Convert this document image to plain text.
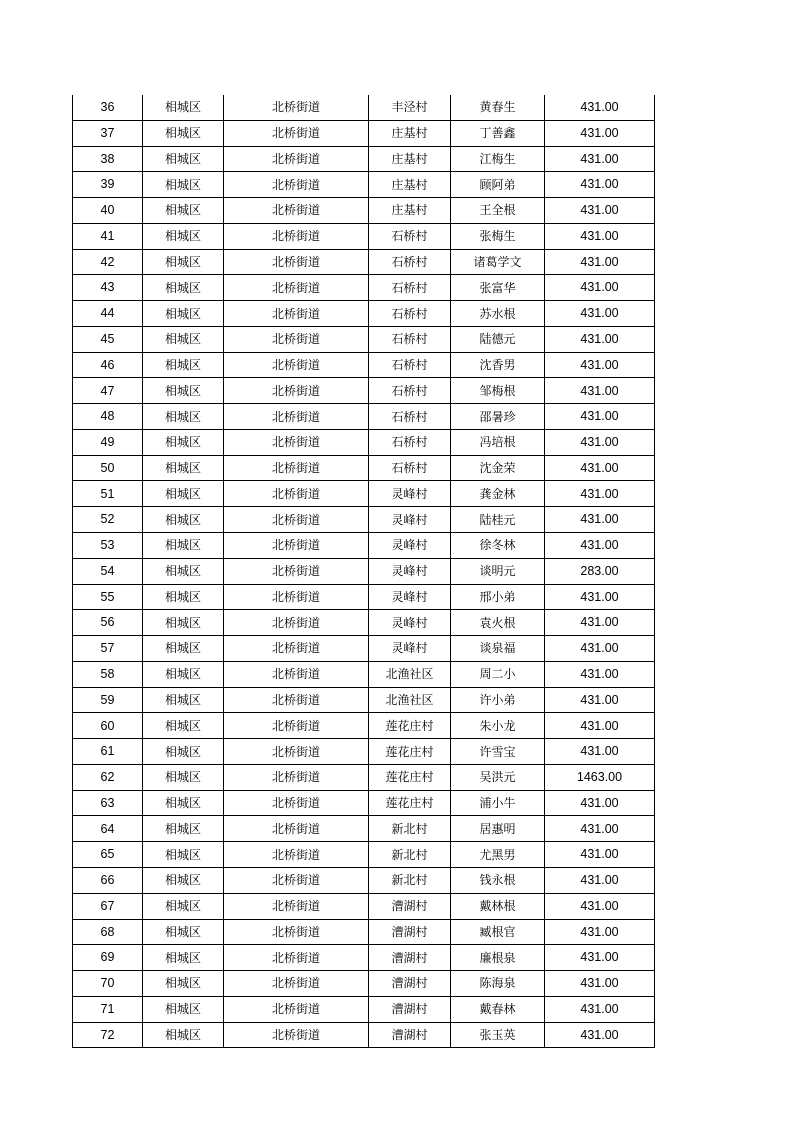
36	相城区	北桥街道	丰泾村	黄春生	431.00
37	相城区	北桥街道	庄基村	丁善鑫	431.00
38	相城区	北桥街道	庄基村	江梅生	431.00
39	相城区	北桥街道	庄基村	顾阿弟	431.00
40	相城区	北桥街道	庄基村	王全根	431.00
41	相城区	北桥街道	石桥村	张梅生	431.00
42	相城区	北桥街道	石桥村	诸葛学文	431.00
43	相城区	北桥街道	石桥村	张富华	431.00
44	相城区	北桥街道	石桥村	苏水根	431.00
45	相城区	北桥街道	石桥村	陆德元	431.00
46	相城区	北桥街道	石桥村	沈香男	431.00
47	相城区	北桥街道	石桥村	邹梅根	431.00
48	相城区	北桥街道	石桥村	邵暑珍	431.00
49	相城区	北桥街道	石桥村	冯培根	431.00
50	相城区	北桥街道	石桥村	沈金荣	431.00
51	相城区	北桥街道	灵峰村	龚金林	431.00
52	相城区	北桥街道	灵峰村	陆桂元	431.00
53	相城区	北桥街道	灵峰村	徐冬林	431.00
54	相城区	北桥街道	灵峰村	谈明元	283.00
55	相城区	北桥街道	灵峰村	邢小弟	431.00
56	相城区	北桥街道	灵峰村	袁火根	431.00
57	相城区	北桥街道	灵峰村	谈泉福	431.00
58	相城区	北桥街道	北渔社区	周二小	431.00
59	相城区	北桥街道	北渔社区	许小弟	431.00
60	相城区	北桥街道	莲花庄村	朱小龙	431.00
61	相城区	北桥街道	莲花庄村	许雪宝	431.00
62	相城区	北桥街道	莲花庄村	吴洪元	1463.00
63	相城区	北桥街道	莲花庄村	浦小牛	431.00
64	相城区	北桥街道	新北村	居惠明	431.00
65	相城区	北桥街道	新北村	尤黑男	431.00
66	相城区	北桥街道	新北村	钱永根	431.00
67	相城区	北桥街道	漕湖村	戴林根	431.00
68	相城区	北桥街道	漕湖村	臧根官	431.00
69	相城区	北桥街道	漕湖村	廉根泉	431.00
70	相城区	北桥街道	漕湖村	陈海泉	431.00
71	相城区	北桥街道	漕湖村	戴春林	431.00
72	相城区	北桥街道	漕湖村	张玉英	431.00
